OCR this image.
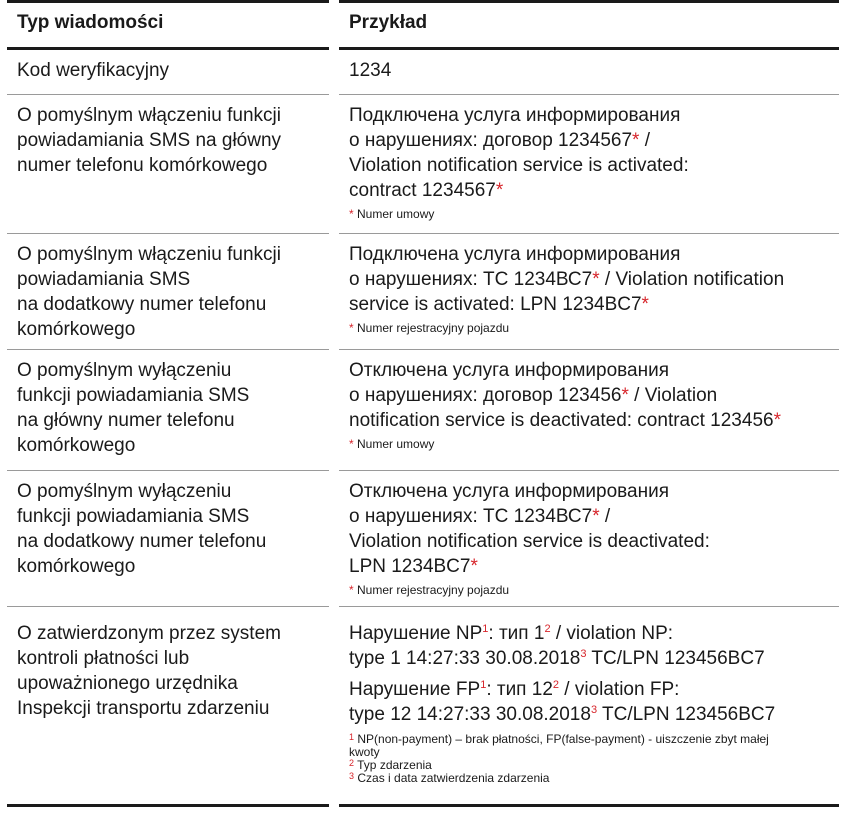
Typ wiadomości
Kod weryfikacyjny
O pomyślnym włączeniu funkcji
powiadamiania SMS na główny
numer telefonu komórkowego
O pomyślnym włączeniu funkcji
powiadamiania SMS
na dodatkowy numer telefonu
komórkowego
O pomyślnym wyłączeniu
funkcji powiadamiania SMS
na główny numer telefonu
komórkowego
O pomyślnym wyłączeniu
funkcji powiadamiania SMS
na dodatkowy numer telefonu
komórkowego
O zatwierdzonym przez system
kontroli płatności lub
upoważnionego urzędnika
Inspekcji transportu zdarzeniu
Przykład
1234
Подключена услуга информирования
о нарушениях: договор 1234567* /
Violation notification service is activated:
contract 1234567*
* Numer umowy
Подключена услуга информирования
о нарушениях: ТС 1234ВС7* / Violation notification
service is activated: LPN 1234BC7*
* Numer rejestracyjny pojazdu
Отключена услуга информирования
о нарушениях: договор 123456* / Violation
notification service is deactivated: contract 123456*
* Numer umowy
Отключена услуга информирования
о нарушениях: ТС 1234ВС7* /
Violation notification service is deactivated:
LPN 1234BC7*
* Numer rejestracyjny pojazdu
Нарушение $NP^1$: тип $1^2$ / violation NP:
type 1 14:27:33 30.08.2018$^3$ TC/LPN 123456BC7
Нарушение $FP^1$: тип $12^2$ / violation FP:
type 12 14:27:33 30.08.2018$^3$ TC/LPN 123456BC7
$^1$ NP(non-payment) – brak płatności, FP(false-payment) - uiszczenie zbyt małej
kwoty
$^2$ Typ zdarzenia
$^3$ Czas i data zatwierdzenia zdarzenia
